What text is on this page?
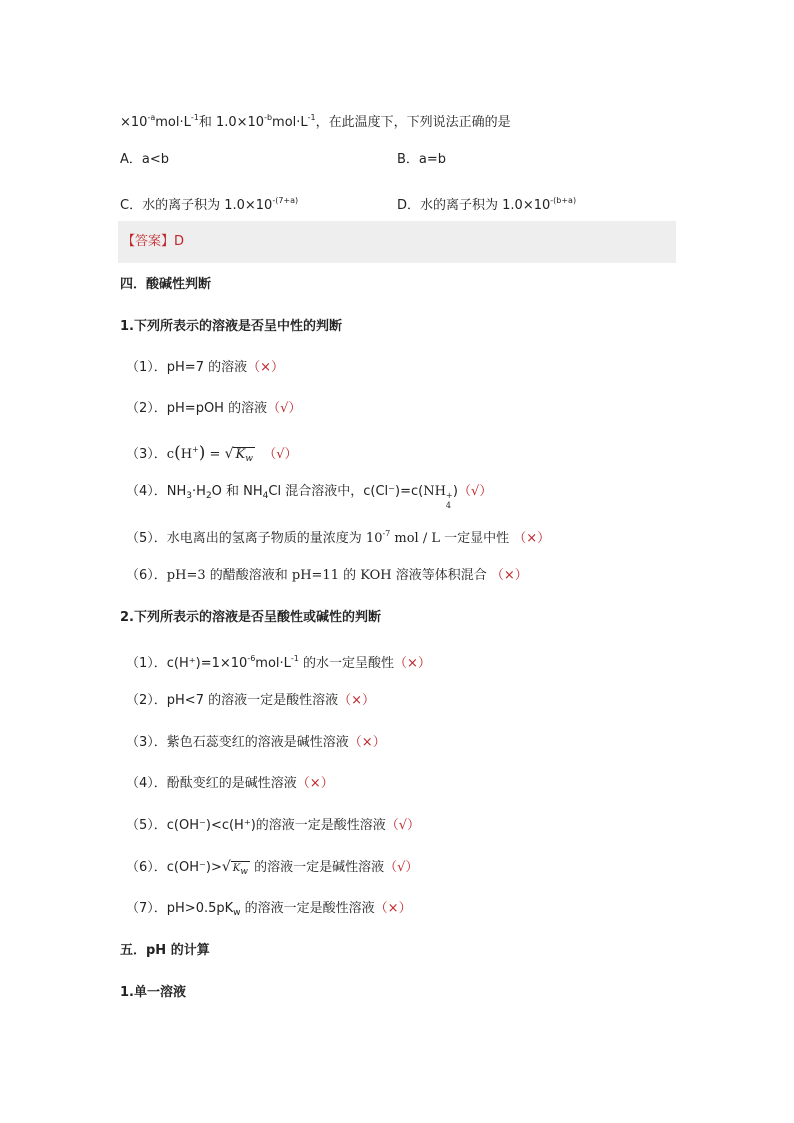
$\times 10^{-a}mol\cdot L^{-1}$和 $1.0\times 10^{-b}mol\cdot L^{-1}$，在此温度下，下列说法正确的是
A．a<b	B．a=b
C．水的离子积为 $1.0\times 10^{-(7+a)}$	D．水的离子积为 $1.0\times 10^{-(b+a)}$
【答案】D
四．酸碱性判断
1.下列所表示的溶液是否呈中性的判断
（1）．pH=7 的溶液（×）
（2）．pH=pOH 的溶液（√）
（3）．c(H+) = √ $K_w$ （√）
（4）．$NH_3\cdot H_2O$ 和 $NH_4Cl$ 混合溶液中，c(Cl⁻)=c(NH +
4
)（√）
（5）．水电离出的氢离子物质的量浓度为 $10^{-7}$ mol / L 一定显中性 （×）
（6）．pH=3 的醋酸溶液和 pH=11 的 KOH 溶液等体积混合 （×）
2.下列所表示的溶液是否呈酸性或碱性的判断
（1）．$c(H^+)=1\times 10^{-6}mol\cdot L^{-1}$ 的水一定呈酸性（×）
（2）．pH<7 的溶液一定是酸性溶液（×）
（3）．紫色石蕊变红的溶液是碱性溶液（×）
（4）．酚酞变红的是碱性溶液（×）
（5）．c(OH⁻)<c(H⁺)的溶液一定是酸性溶液（√）
（6）．c(OH⁻)>√ Kw 的溶液一定是碱性溶液（√）
（7）．$pH>0.5pK_w$ 的溶液一定是酸性溶液（×）
五．pH 的计算
1.单一溶液
